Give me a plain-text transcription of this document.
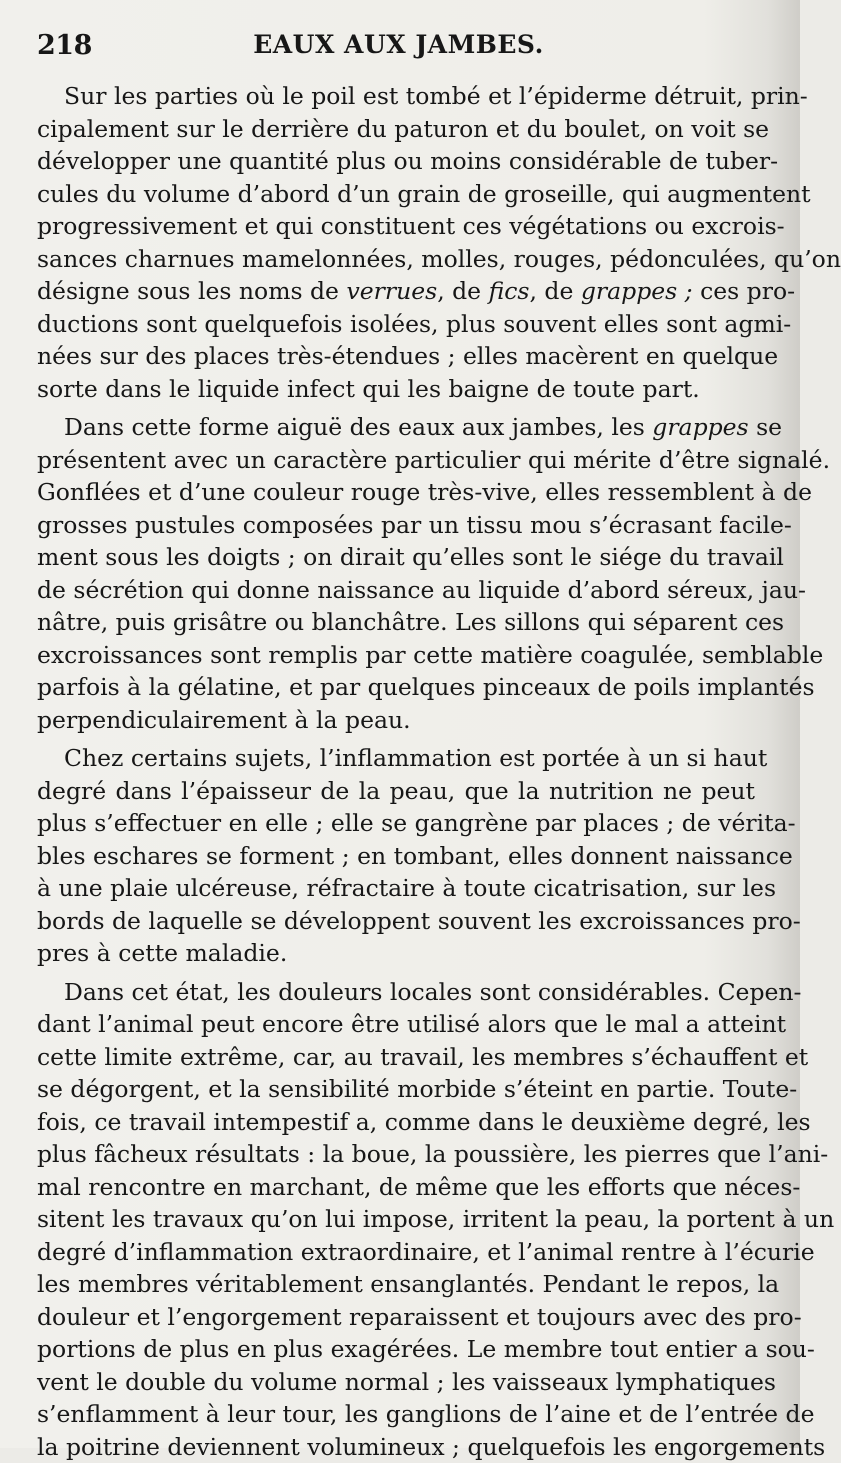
218	EAUX AUX JAMBES.
Sur les parties où le poil est tombé et l’épiderme détruit, prin-
cipalement sur le derrière du paturon et du boulet, on voit se
développer une quantité plus ou moins considérable de tuber-
cules du volume d’abord d’un grain de groseille, qui augmentent
progressivement et qui constituent ces végétations ou excrois-
sances charnues mamelonnées, molles, rouges, pédonculées, qu’on
désigne sous les noms de verrues, de fics, de grappes ; ces pro-
ductions sont quelquefois isolées, plus souvent elles sont agmi-
nées sur des places très-étendues ; elles macèrent en quelque
sorte dans le liquide infect qui les baigne de toute part.
Dans cette forme aiguë des eaux aux jambes, les grappes se
présentent avec un caractère particulier qui mérite d’être signalé.
Gonflées et d’une couleur rouge très-vive, elles ressemblent à de
grosses pustules composées par un tissu mou s’écrasant facile-
ment sous les doigts ; on dirait qu’elles sont le siége du travail
de sécrétion qui donne naissance au liquide d’abord séreux, jau-
nâtre, puis grisâtre ou blanchâtre. Les sillons qui séparent ces
excroissances sont remplis par cette matière coagulée, semblable
parfois à la gélatine, et par quelques pinceaux de poils implantés
perpendiculairement à la peau.
Chez certains sujets, l’inflammation est portée à un si haut
degré dans l’épaisseur de la peau, que la nutrition ne peut
plus s’effectuer en elle ; elle se gangrène par places ; de vérita-
bles eschares se forment ; en tombant, elles donnent naissance
à une plaie ulcéreuse, réfractaire à toute cicatrisation, sur les
bords de laquelle se développent souvent les excroissances pro-
pres à cette maladie.
Dans cet état, les douleurs locales sont considérables. Cepen-
dant l’animal peut encore être utilisé alors que le mal a atteint
cette limite extrême, car, au travail, les membres s’échauffent et
se dégorgent, et la sensibilité morbide s’éteint en partie. Toute-
fois, ce travail intempestif a, comme dans le deuxième degré, les
plus fâcheux résultats : la boue, la poussière, les pierres que l’ani-
mal rencontre en marchant, de même que les efforts que néces-
sitent les travaux qu’on lui impose, irritent la peau, la portent à un
degré d’inflammation extraordinaire, et l’animal rentre à l’écurie
les membres véritablement ensanglantés. Pendant le repos, la
douleur et l’engorgement reparaissent et toujours avec des pro-
portions de plus en plus exagérées. Le membre tout entier a sou-
vent le double du volume normal ; les vaisseaux lymphatiques
s’enflamment à leur tour, les ganglions de l’aine et de l’entrée de
la poitrine deviennent volumineux ; quelquefois les engorgements
